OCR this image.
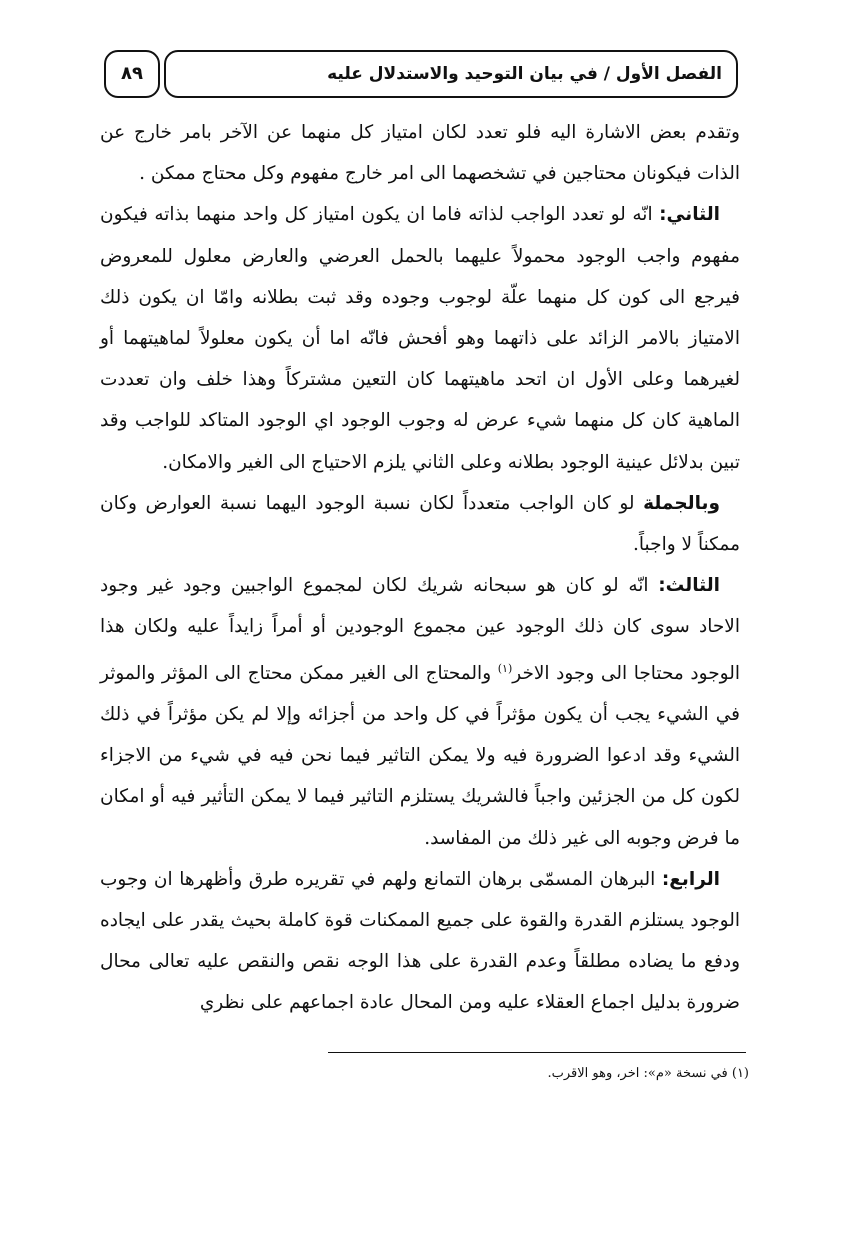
٨٩	الفصل الأول / في بيان التوحيد والاستدلال عليه

وتقدم بعض الاشارة اليه فلو تعدد لكان امتياز كل منهما عن الآخر بامر خارج عن الذات فيكونان محتاجين في تشخصهما الى امر خارج مفهوم وكل محتاج ممكن .

الثاني: انّه لو تعدد الواجب لذاته فاما ان يكون امتياز كل واحد منهما بذاته فيكون مفهوم واجب الوجود محمولاً عليهما بالحمل العرضي والعارض معلول للمعروض فيرجع الى كون كل منهما علّة لوجوب وجوده وقد ثبت بطلانه وامّا ان يكون ذلك الامتياز بالامر الزائد على ذاتهما وهو أفحش فانّه اما أن يكون معلولاً لماهيتهما أو لغيرهما وعلى الأول ان اتحد ماهيتهما كان التعين مشتركاً وهذا خلف وان تعددت الماهية كان كل منهما شيء عرض له وجوب الوجود اي الوجود المتاكد للواجب وقد تبين بدلائل عينية الوجود بطلانه وعلى الثاني يلزم الاحتياج الى الغير والامكان.

وبالجملة لو كان الواجب متعدداً لكان نسبة الوجود اليهما نسبة العوارض وكان ممكناً لا واجباً.

الثالث: انّه لو كان هو سبحانه شريك لكان لمجموع الواجبين وجود غير وجود الاحاد سوى كان ذلك الوجود عين مجموع الوجودين أو أمراً زايداً عليه ولكان هذا الوجود محتاجا الى وجود الاخر$^{(١)}$ والمحتاج الى الغير ممكن محتاج الى المؤثر والموثر في الشيء يجب أن يكون مؤثراً في كل واحد من أجزائه وإلا لم يكن مؤثراً في ذلك الشيء وقد ادعوا الضرورة فيه ولا يمكن التاثير فيما نحن فيه في شيء من الاجزاء لكون كل من الجزئين واجباً فالشريك يستلزم التاثير فيما لا يمكن التأثير فيه أو امكان ما فرض وجوبه الى غير ذلك من المفاسد.

الرابع: البرهان المسمّى برهان التمانع ولهم في تقريره طرق وأظهرها ان وجوب الوجود يستلزم القدرة والقوة على جميع الممكنات قوة كاملة بحيث يقدر على ايجاده ودفع ما يضاده مطلقاً وعدم القدرة على هذا الوجه نقص والنقص عليه تعالى محال ضرورة بدليل اجماع العقلاء عليه ومن المحال عادة اجماعهم على نظري

(١) في نسخة «م»: اخر، وهو الاقرب.
